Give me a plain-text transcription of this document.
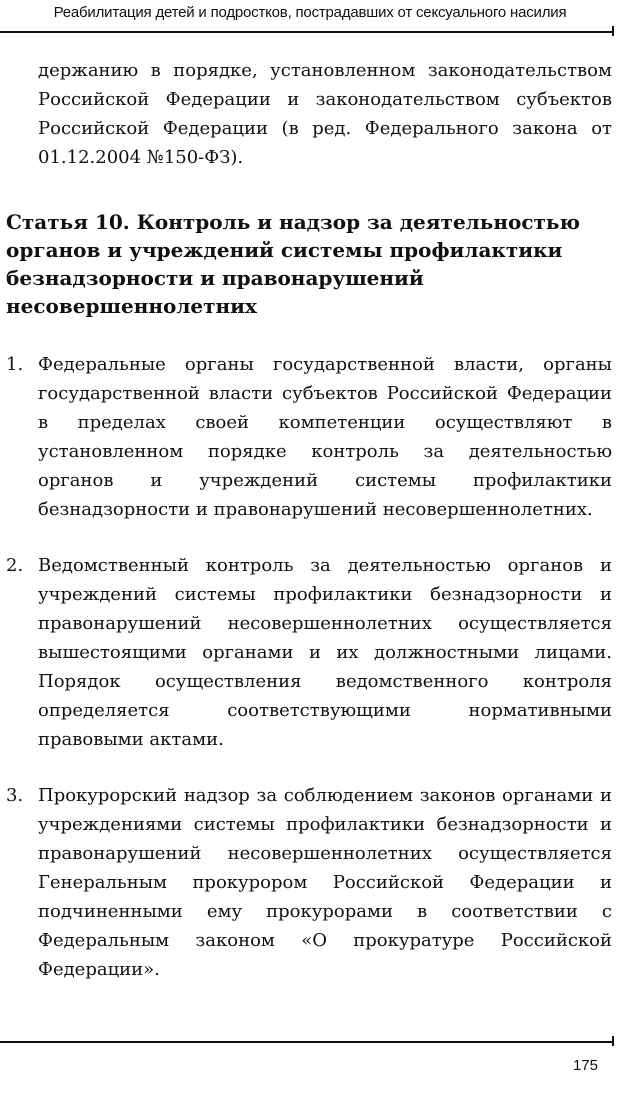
Реабилитация детей и подростков, пострадавших от сексуального насилия

держанию в порядке, установленном законодательством Российской Федерации и законодательством субъектов Российской Федерации (в ред. Федерального закона от 01.12.2004 №150-ФЗ).

Статья 10. Контроль и надзор за деятельностью органов и учреждений системы профилактики безнадзорности и правонарушений несовершеннолетних
1. Федеральные органы государственной власти, органы государственной власти субъектов Российской Федерации в пределах своей компетенции осуществляют в установленном порядке контроль за деятельностью органов и учреждений системы профилактики безнадзорности и правонарушений несовершеннолетних.
2. Ведомственный контроль за деятельностью органов и учреждений системы профилактики безнадзорности и правонарушений несовершеннолетних осуществляется вышестоящими органами и их должностными лицами. Порядок осуществления ведомственного контроля определяется соответствующими нормативными правовыми актами.
3. Прокурорский надзор за соблюдением законов органами и учреждениями системы профилактики безнадзорности и правонарушений несовершеннолетних осуществляется Генеральным прокурором Российской Федерации и подчиненными ему прокурорами в соответствии с Федеральным законом «О прокуратуре Российской Федерации».
175
